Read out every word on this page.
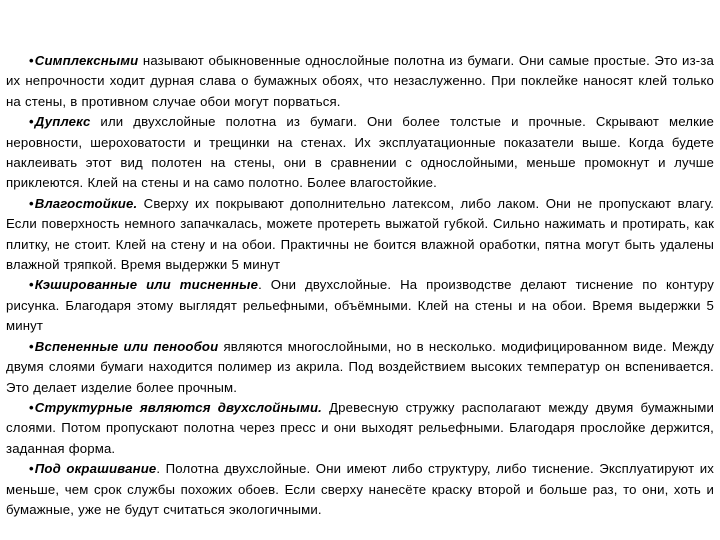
•Симплексными называют обыкновенные однослойные полотна из бумаги. Они самые простые. Это из-за их непрочности ходит дурная слава о бумажных обоях, что незаслуженно. При поклейке наносят клей только на стены, в противном случае обои могут порваться.

•Дуплекс или двухслойные полотна из бумаги. Они более толстые и прочные. Скрывают мелкие неровности, шероховатости и трещинки на стенах. Их эксплуатационные показатели выше. Когда будете наклеивать этот вид полотен на стены, они в сравнении с однослойными, меньше промокнут и лучше приклеются. Клей на стены и на само полотно. Более влагостойкие.

•Влагостойкие. Сверху их покрывают дополнительно латексом, либо лаком. Они не пропускают влагу. Если поверхность немного запачкалась, можете протереть выжатой губкой. Сильно нажимать и протирать, как плитку, не стоит. Клей на стену и на обои. Практичны не боится влажной оработки, пятна могут быть удалены влажной тряпкой. Время выдержки 5 минут

•Кэшированные или тисненные. Они двухслойные. На производстве делают тиснение по контуру рисунка. Благодаря этому выглядят рельефными, объёмными. Клей на стены и на обои. Время выдержки 5 минут

•Вспененные или пенообои являются многослойными, но в несколько. модифицированном виде. Между двумя слоями бумаги находится полимер из акрила. Под воздействием высоких температур он вспенивается. Это делает изделие более прочным.

•Структурные являются двухслойными. Древесную стружку располагают между двумя бумажными слоями. Потом пропускают полотна через пресс и они выходят рельефными. Благодаря прослойке держится, заданная форма.

•Под окрашивание. Полотна двухслойные. Они имеют либо структуру, либо тиснение. Эксплуатируют их меньше, чем срок службы похожих обоев. Если сверху нанесёте краску второй и больше раз, то они, хоть и бумажные, уже не будут считаться экологичными.
